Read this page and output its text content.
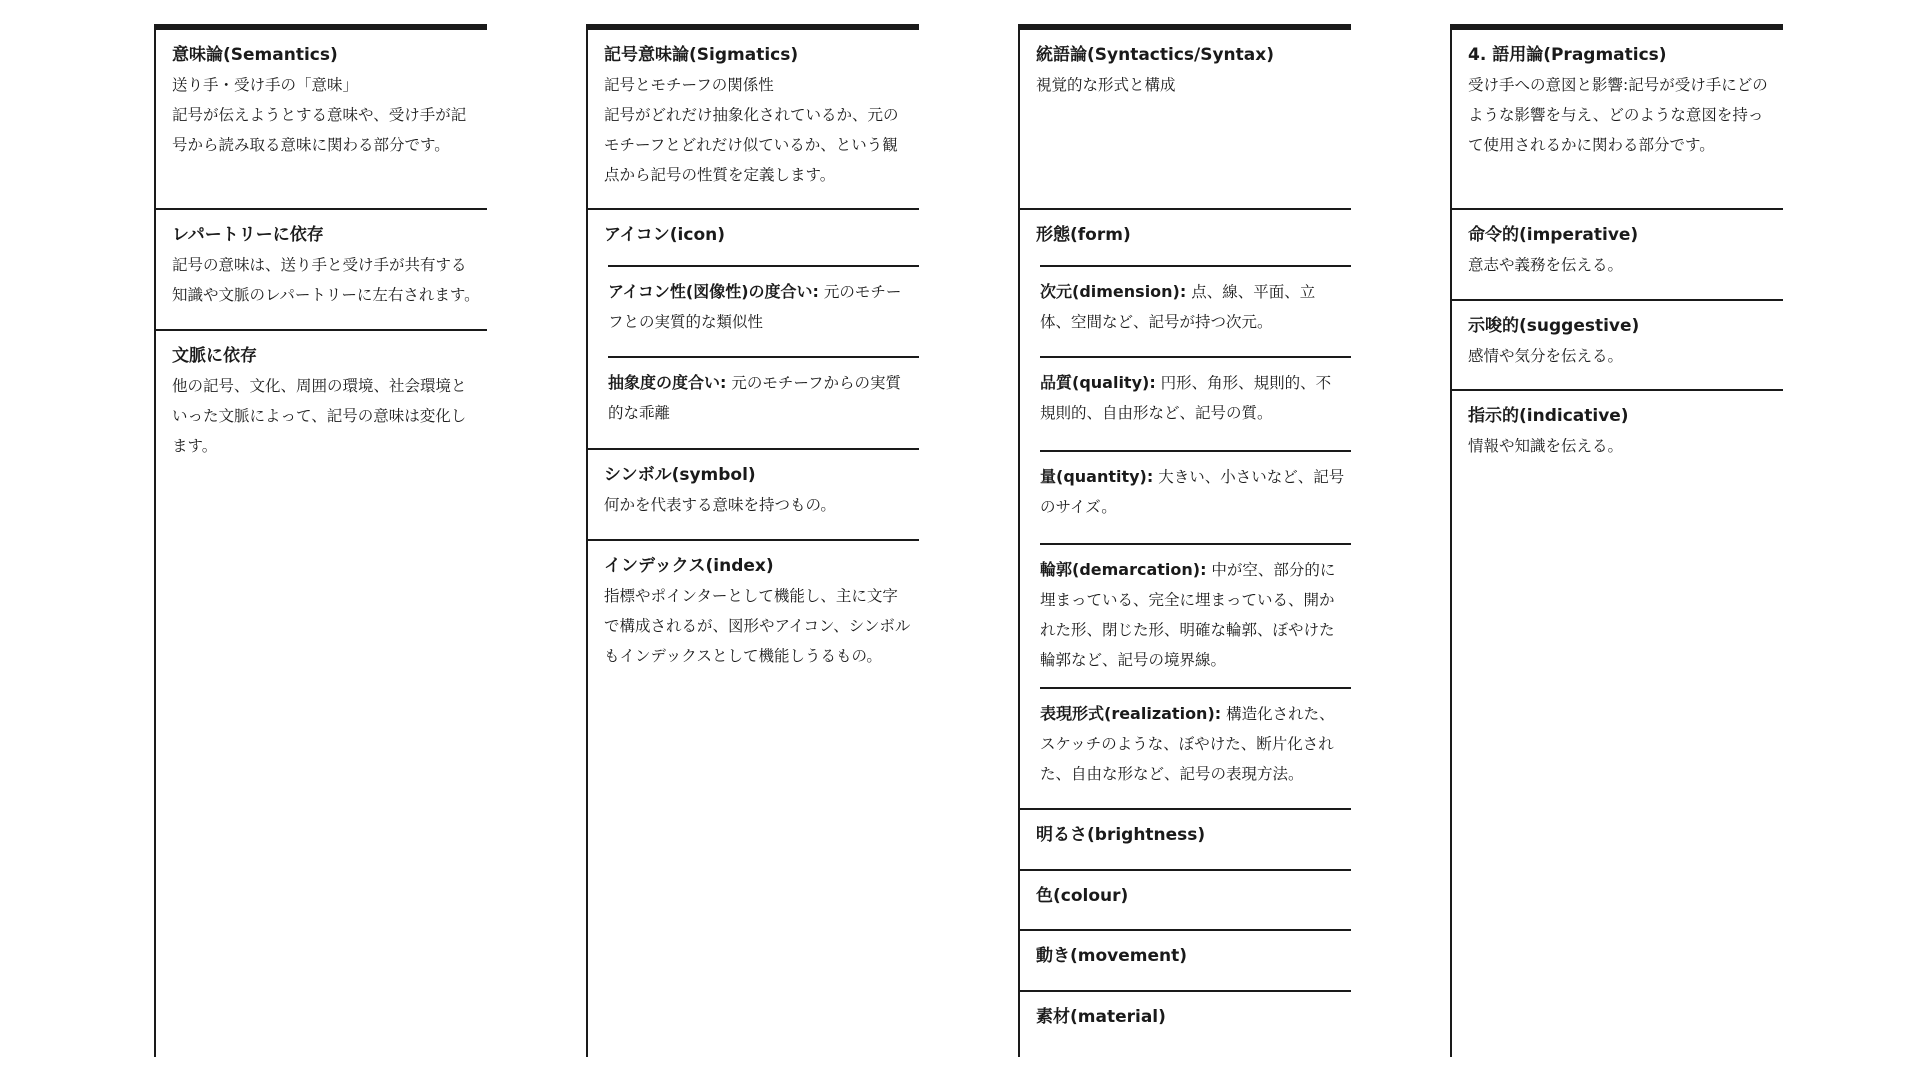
意味論(Semantics)
送り手・受け手の「意味」
記号が伝えようとする意味や、受け手が記号から読み取る意味に関わる部分です。
レパートリーに依存
記号の意味は、送り手と受け手が共有する知識や文脈のレパートリーに左右されます。
文脈に依存
他の記号、文化、周囲の環境、社会環境といった文脈によって、記号の意味は変化します。
記号意味論(Sigmatics)
記号とモチーフの関係性
記号がどれだけ抽象化されているか、元のモチーフとどれだけ似ているか、という観点から記号の性質を定義します。
アイコン(icon)
アイコン性(図像性)の度合い: 元のモチーフとの実質的な類似性
抽象度の度合い: 元のモチーフからの実質的な乖離
シンボル(symbol)
何かを代表する意味を持つもの。
インデックス(index)
指標やポインターとして機能し、主に文字で構成されるが、図形やアイコン、シンボルもインデックスとして機能しうるもの。
統語論(Syntactics/Syntax)
視覚的な形式と構成
形態(form)
次元(dimension): 点、線、平面、立体、空間など、記号が持つ次元。
品質(quality): 円形、角形、規則的、不規則的、自由形など、記号の質。
量(quantity): 大きい、小さいなど、記号のサイズ。
輪郭(demarcation): 中が空、部分的に埋まっている、完全に埋まっている、開かれた形、閉じた形、明確な輪郭、ぼやけた輪郭など、記号の境界線。
表現形式(realization): 構造化された、スケッチのような、ぼやけた、断片化された、自由な形など、記号の表現方法。
明るさ(brightness)
色(colour)
動き(movement)
素材(material)
4. 語用論(Pragmatics)
受け手への意図と影響:記号が受け手にどのような影響を与え、どのような意図を持って使用されるかに関わる部分です。
命令的(imperative)
意志や義務を伝える。
示唆的(suggestive)
感情や気分を伝える。
指示的(indicative)
情報や知識を伝える。
